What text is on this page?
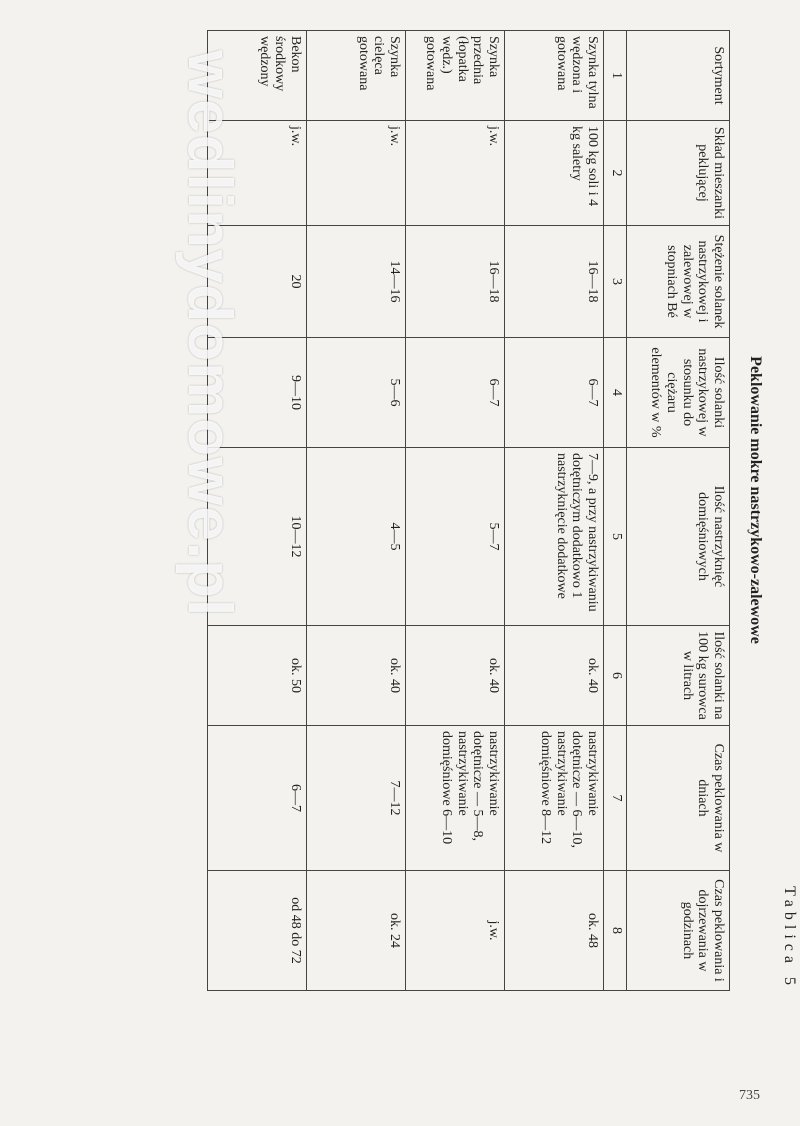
Tablica 5
Peklowanie mokre nastrzykowo-zalewowe
Sortyment	Skład mieszanki peklującej	Stężenie solanek nastrzykowej i zalewowej w stopniach Bé	Ilość solanki nastrzykowej w stosunku do ciężaru elementów w %	Ilość nastrzyknięć domięśniowych	Ilość solanki na 100 kg surowca w litrach	Czas peklowania w dniach	Czas peklowania i dojrzewania w godzinach
1	2	3	4	5	6	7	8
Szynka tylna wędzona i gotowana	100 kg soli i 4 kg saletry	16—18	6—7	7—9, a przy nastrzykiwaniu dotętniczym dodatkowo 1 nastrzyknięcie dodatkowe	ok. 40	nastrzykiwanie dotętnicze — 6—10, nastrzykiwanie domięśniowe 8—12	ok. 48
Szynka przednia (łopatka wędz.) gotowana	j.w.	16—18	6—7	5—7	ok. 40	nastrzykiwanie dotętnicze — 5—8, nastrzykiwanie domięśniowe 6—10	j.w.
Szynka cielęca gotowana	j.w.	14—16	5—6	4—5	ok. 40	7—12	ok. 24
Bekon środkowy wędzony	j.w.	20	9—10	10—12	ok. 50	6—7	od 48 do 72
wedlinydomowe.pl
735
